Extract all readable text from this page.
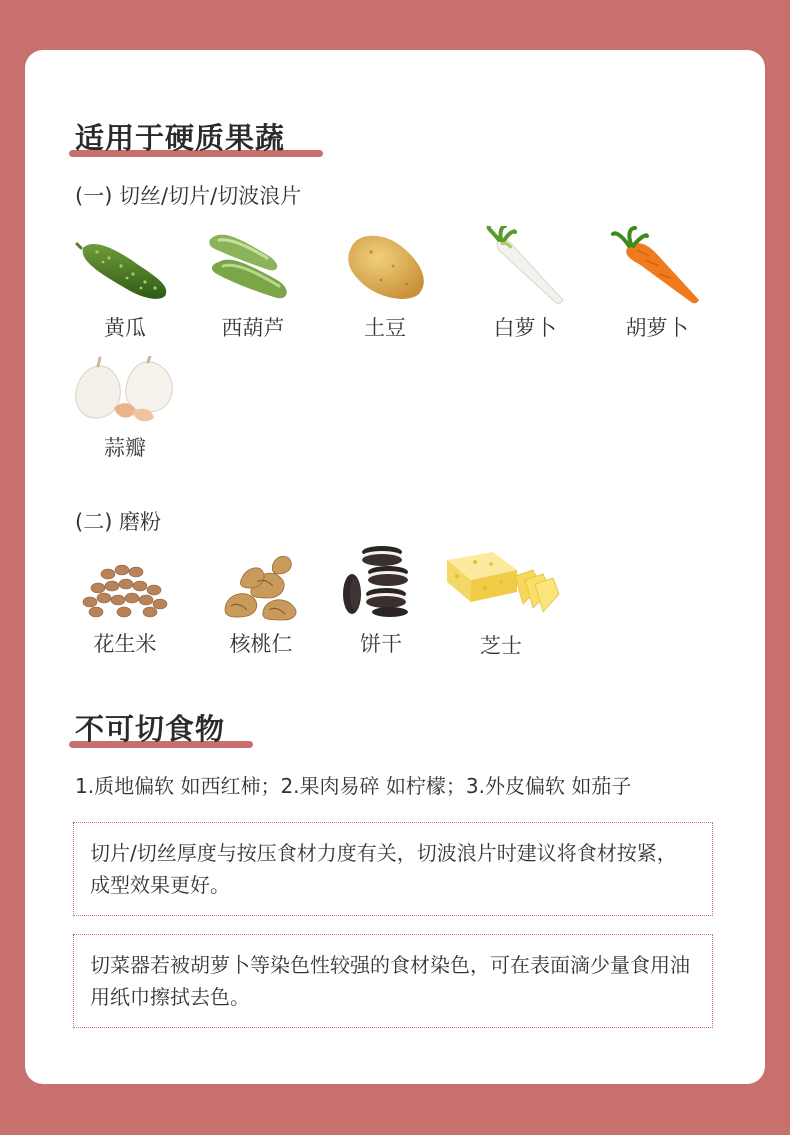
适用于硬质果蔬
(一) 切丝/切片/切波浪片
黄瓜	西葫芦	土豆	白萝卜	胡萝卜
蒜瓣
(二) 磨粉
花生米	核桃仁	饼干	芝士
不可切食物
1.质地偏软 如西红柿；2.果肉易碎 如柠檬；3.外皮偏软 如茄子
切片/切丝厚度与按压食材力度有关，切波浪片时建议将食材按紧，成型效果更好。
切菜器若被胡萝卜等染色性较强的食材染色，可在表面滴少量食用油用纸巾擦拭去色。
